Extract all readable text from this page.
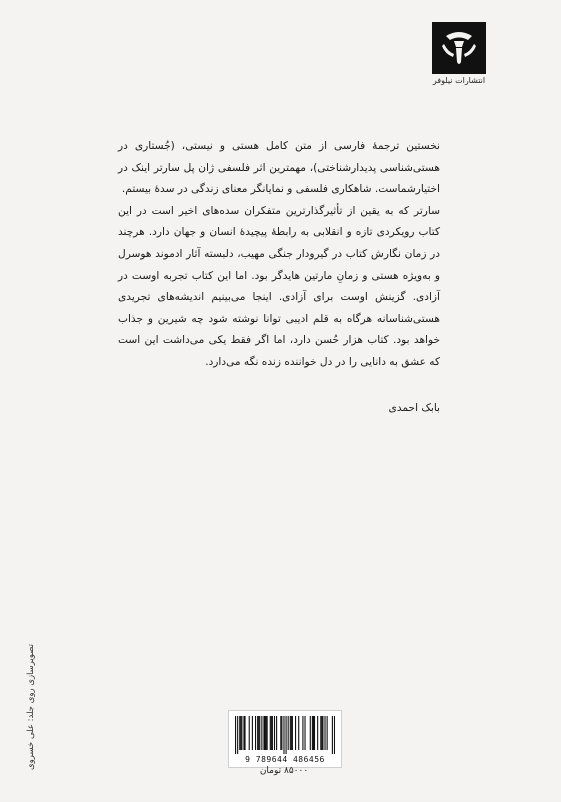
انتشارات نیلوفر

نخستین ترجمهٔ فارسی از متن کامل هستی و نیستی، (جُستاری در هستی‌شناسی پدیدارشناختی)، مهمترین اثر فلسفی ژان پل سارتر اینک در اختیارشماست. شاهکاری فلسفی و نمایانگر معنای زندگی در سدهٔ بیستم.

سارتر که به یقین از تأثیرگذارترین متفکران سده‌های اخیر است در این کتاب رویکردی تازه و انقلابی به رابطهٔ پیچیدهٔ انسان و جهان دارد. هرچند در زمان نگارش کتاب در گیرودار جنگی مهیب، دلبسته آثار ادموند هوسرل و به‌ویژه هستی و زمانِ مارتین هایدگر بود. اما این کتاب تجربه اوست در آزادی. گزینش اوست برای آزادی. اینجا می‌بینیم اندیشه‌های تجریدی هستی‌شناسانه هرگاه به قلم ادیبی توانا نوشته شود چه شیرین و جذاب خواهد بود. کتاب هزار حُسن دارد، اما اگر فقط یکی می‌داشت این است که عشق به دانایی را در دل خواننده زنده نگه می‌دارد.

بابک احمدی
تصویرسازی روی جلد: علی خسروی	9 789644 486456
۸۵۰۰۰ تومان
